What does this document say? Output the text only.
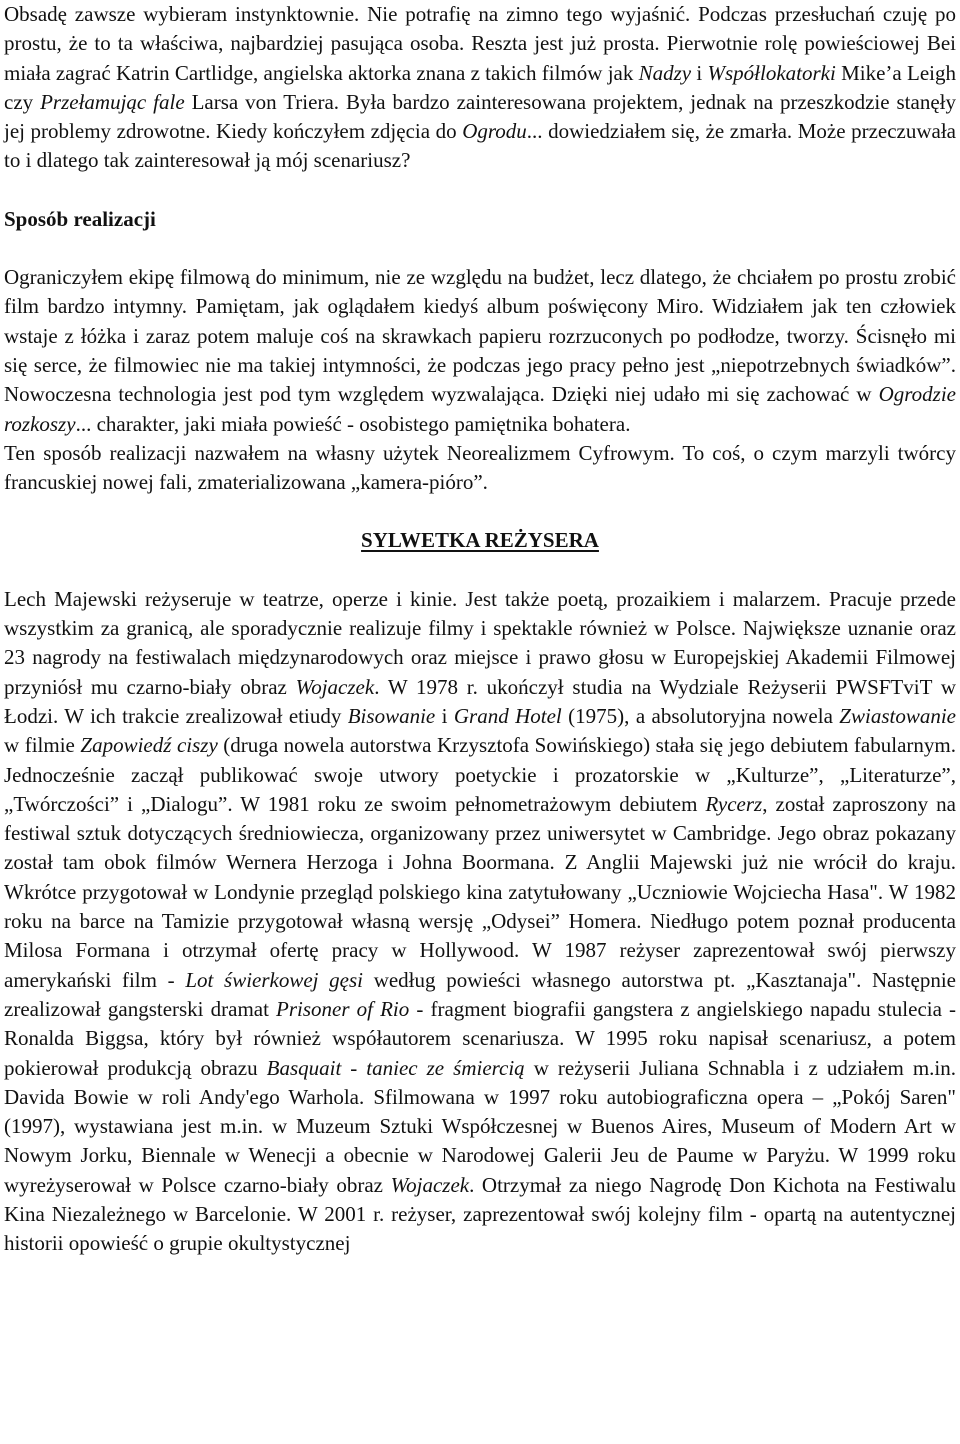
Obsadę zawsze wybieram instynktownie. Nie potrafię na zimno tego wyjaśnić. Podczas przesłuchań czuję po prostu, że to ta właściwa, najbardziej pasująca osoba. Reszta jest już prosta. Pierwotnie rolę powieściowej Bei miała zagrać Katrin Cartlidge, angielska aktorka znana z takich filmów jak Nadzy i Współlokatorki Mike’a Leigh czy Przełamując fale Larsa von Triera. Była bardzo zainteresowana projektem, jednak na przeszkodzie stanęły jej problemy zdrowotne. Kiedy kończyłem zdjęcia do Ogrodu... dowiedziałem się, że zmarła. Może przeczuwała to i dlatego tak zainteresował ją mój scenariusz?

Sposób realizacji

Ograniczyłem ekipę filmową do minimum, nie ze względu na budżet, lecz dlatego, że chciałem po prostu zrobić film bardzo intymny. Pamiętam, jak oglądałem kiedyś album poświęcony Miro. Widziałem jak ten człowiek wstaje z łóżka i zaraz potem maluje coś na skrawkach papieru rozrzuconych po podłodze, tworzy. Ścisnęło mi się serce, że filmowiec nie ma takiej intymności, że podczas jego pracy pełno jest „niepotrzebnych świadków”. Nowoczesna technologia jest pod tym względem wyzwalająca. Dzięki niej udało mi się zachować w Ogrodzie rozkoszy... charakter, jaki miała powieść - osobistego pamiętnika bohatera.

Ten sposób realizacji nazwałem na własny użytek Neorealizmem Cyfrowym. To coś, o czym marzyli twórcy francuskiej nowej fali, zmaterializowana „kamera-pióro”.

SYLWETKA REŻYSERA

Lech Majewski reżyseruje w teatrze, operze i kinie. Jest także poetą, prozaikiem i malarzem. Pracuje przede wszystkim za granicą, ale sporadycznie realizuje filmy i spektakle również w Polsce. Największe uznanie oraz 23 nagrody na festiwalach międzynarodowych oraz miejsce i prawo głosu w Europejskiej Akademii Filmowej przyniósł mu czarno-biały obraz Wojaczek. W 1978 r. ukończył studia na Wydziale Reżyserii PWSFTviT w Łodzi. W ich trakcie zrealizował etiudy Bisowanie i Grand Hotel (1975), a absolutoryjna nowela Zwiastowanie w filmie Zapowiedź ciszy (druga nowela autorstwa Krzysztofa Sowińskiego) stała się jego debiutem fabularnym. Jednocześnie zaczął publikować swoje utwory poetyckie i prozatorskie w „Kulturze”, „Literaturze”, „Twórczości” i „Dialogu”. W 1981 roku ze swoim pełnometrażowym debiutem Rycerz, został zaproszony na festiwal sztuk dotyczących średniowiecza, organizowany przez uniwersytet w Cambridge. Jego obraz pokazany został tam obok filmów Wernera Herzoga i Johna Boormana. Z Anglii Majewski już nie wrócił do kraju. Wkrótce przygotował w Londynie przegląd polskiego kina zatytułowany „Uczniowie Wojciecha Hasa". W 1982 roku na barce na Tamizie przygotował własną wersję „Odysei” Homera. Niedługo potem poznał producenta Milosa Formana i otrzymał ofertę pracy w Hollywood. W 1987 reżyser zaprezentował swój pierwszy amerykański film - Lot świerkowej gęsi według powieści własnego autorstwa pt. „Kasztanaja". Następnie zrealizował gangsterski dramat Prisoner of Rio - fragment biografii gangstera z angielskiego napadu stulecia - Ronalda Biggsa, który był również współautorem scenariusza. W 1995 roku napisał scenariusz, a potem pokierował produkcją obrazu Basquait - taniec ze śmiercią w reżyserii Juliana Schnabla i z udziałem m.in. Davida Bowie w roli Andy'ego Warhola. Sfilmowana w 1997 roku autobiograficzna opera – „Pokój Saren" (1997), wystawiana jest m.in. w Muzeum Sztuki Współczesnej w Buenos Aires, Museum of Modern Art w Nowym Jorku, Biennale w Wenecji a obecnie w Narodowej Galerii Jeu de Paume w Paryżu. W 1999 roku wyreżyserował w Polsce czarno-biały obraz Wojaczek. Otrzymał za niego Nagrodę Don Kichota na Festiwalu Kina Niezależnego w Barcelonie. W 2001 r. reżyser, zaprezentował swój kolejny film - opartą na autentycznej historii opowieść o grupie okultystycznej
